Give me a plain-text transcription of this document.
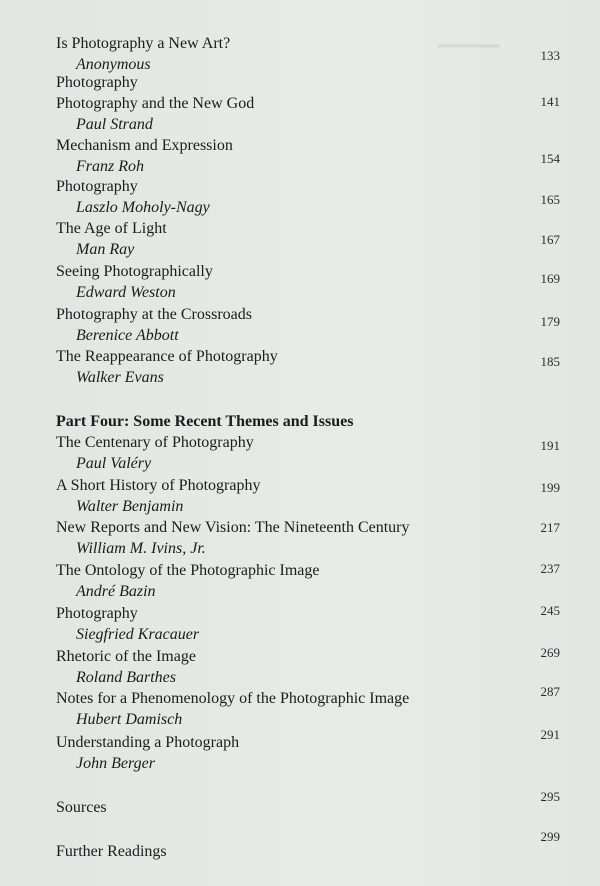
▔▔▔▔
Is Photography a New Art?
Anonymous
133
Photography
Photography and the New God
Paul Strand
141
Mechanism and Expression
Franz Roh	154
Photography
Laszlo Moholy-Nagy	165
The Age of Light
Man Ray
167
Seeing Photographically
Edward Weston
169
Photography at the Crossroads
Berenice Abbott
179
The Reappearance of Photography
Walker Evans
185
Part Four: Some Recent Themes and Issues
The Centenary of Photography
Paul Valéry
191
A Short History of Photography
Walter Benjamin
199
New Reports and New Vision: The Nineteenth Century
William M. Ivins, Jr.
217
The Ontology of the Photographic Image
André Bazin
237
Photography
Siegfried Kracauer
245
Rhetoric of the Image
Roland Barthes
269
Notes for a Phenomenology of the Photographic Image
Hubert Damisch
287
Understanding a Photograph
John Berger
291
Sources
295
Further Readings
299
